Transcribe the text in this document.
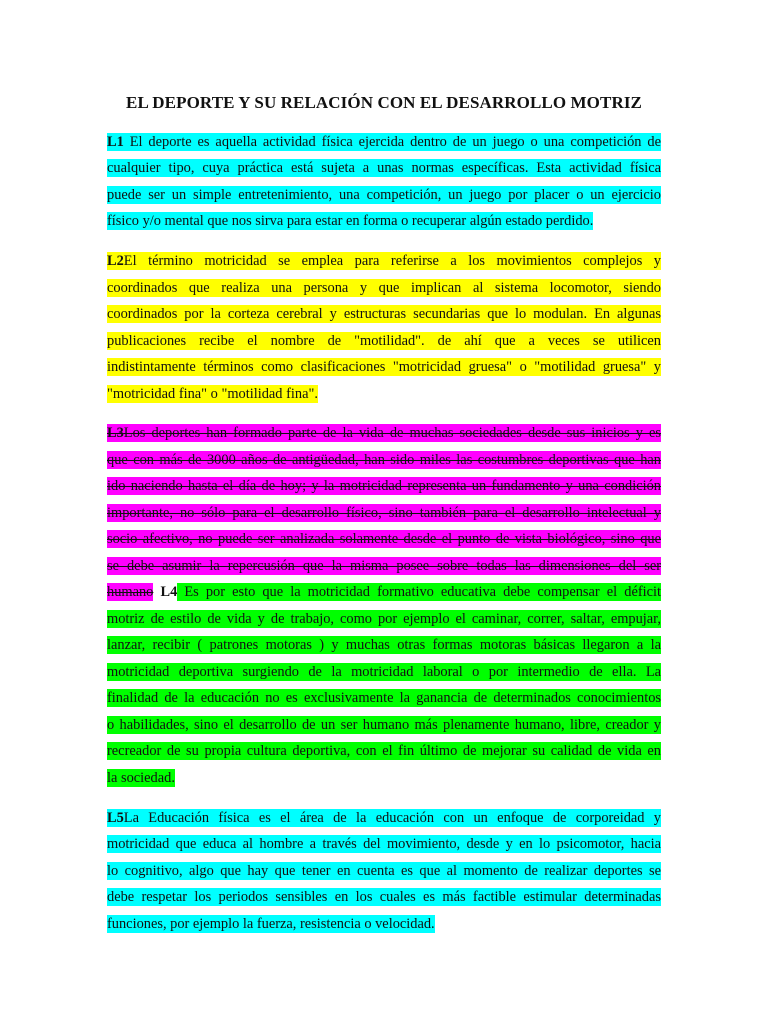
EL DEPORTE Y SU RELACIÓN CON EL DESARROLLO MOTRIZ
L1 El deporte es aquella actividad física ejercida dentro de un juego o una competición de
cualquier tipo, cuya práctica está sujeta a unas normas específicas. Esta actividad física
puede ser un simple entretenimiento, una competición, un juego por placer o un ejercicio
físico y/o mental que nos sirva para estar en forma o recuperar algún estado perdido.
L2El término motricidad se emplea para referirse a los movimientos complejos y
coordinados que realiza una persona y que implican al sistema locomotor, siendo
coordinados por la corteza cerebral y estructuras secundarias que lo modulan. En algunas
publicaciones recibe el nombre de "motilidad". de ahí que a veces se utilicen
indistintamente términos como clasificaciones "motricidad gruesa" o "motilidad gruesa" y
"motricidad fina" o "motilidad fina".
L3Los deportes han formado parte de la vida de muchas sociedades desde sus inicios y es
que con más de 3000 años de antigüedad, han sido miles las costumbres deportivas que han
ido naciendo hasta el día de hoy; y la motricidad representa un fundamento y una condición
importante, no sólo para el desarrollo físico, sino también para el desarrollo intelectual y
socio afectivo, no puede ser analizada solamente desde el punto de vista biológico, sino que
se debe asumir la repercusión que la misma posee sobre todas las dimensiones del ser
humano L4 Es por esto que la motricidad formativo educativa debe compensar el déficit
motriz de estilo de vida y de trabajo, como por ejemplo el caminar, correr, saltar, empujar,
lanzar, recibir ( patrones motoras ) y muchas otras formas motoras básicas llegaron a la
motricidad deportiva surgiendo de la motricidad laboral o por intermedio de ella. La
finalidad de la educación no es exclusivamente la ganancia de determinados conocimientos
o habilidades, sino el desarrollo de un ser humano más plenamente humano, libre, creador y
recreador de su propia cultura deportiva, con el fin último de mejorar su calidad de vida en
la sociedad.
L5La Educación física es el área de la educación con un enfoque de corporeidad y
motricidad que educa al hombre a través del movimiento, desde y en lo psicomotor, hacia
lo cognitivo, algo que hay que tener en cuenta es que al momento de realizar deportes se
debe respetar los periodos sensibles en los cuales es más factible estimular determinadas
funciones, por ejemplo la fuerza, resistencia o velocidad.
